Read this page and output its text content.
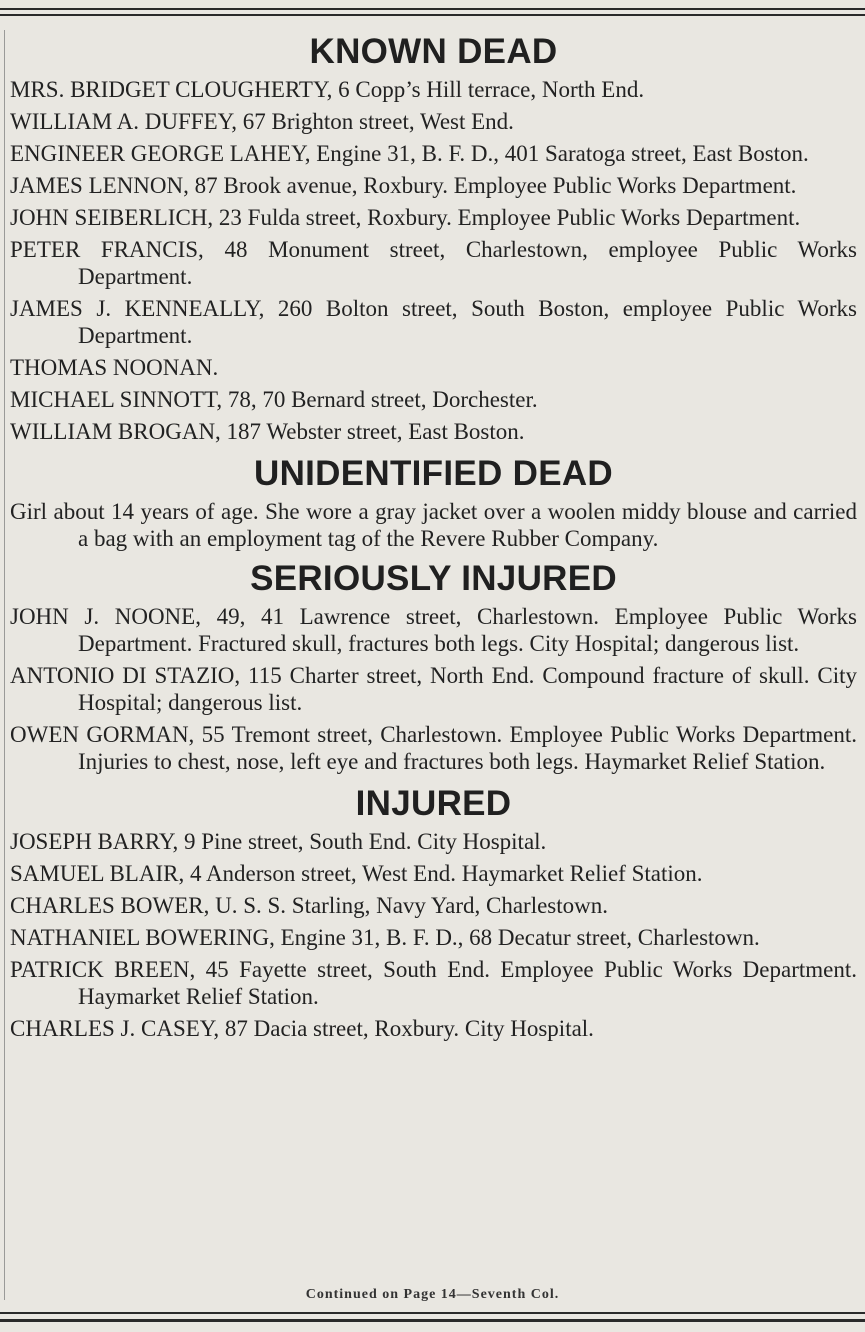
KNOWN DEAD

MRS. BRIDGET CLOUGHERTY, 6 Copp’s Hill terrace, North End.

WILLIAM A. DUFFEY, 67 Brighton street, West End.

ENGINEER GEORGE LAHEY, Engine 31, B. F. D., 401 Saratoga street, East Boston.

JAMES LENNON, 87 Brook avenue, Roxbury. Employee Public Works Department.

JOHN SEIBERLICH, 23 Fulda street, Roxbury. Employee Public Works Department.

PETER FRANCIS, 48 Monument street, Charlestown, employee Public Works Department.

JAMES J. KENNEALLY, 260 Bolton street, South Boston, employee Public Works Department.

THOMAS NOONAN.

MICHAEL SINNOTT, 78, 70 Bernard street, Dorchester.

WILLIAM BROGAN, 187 Webster street, East Boston.

UNIDENTIFIED DEAD

Girl about 14 years of age. She wore a gray jacket over a woolen middy blouse and carried a bag with an employment tag of the Revere Rubber Company.

SERIOUSLY INJURED

JOHN J. NOONE, 49, 41 Lawrence street, Charlestown. Employee Public Works Department. Fractured skull, fractures both legs. City Hospital; dangerous list.

ANTONIO DI STAZIO, 115 Charter street, North End. Compound fracture of skull. City Hospital; dangerous list.

OWEN GORMAN, 55 Tremont street, Charlestown. Employee Public Works Department. Injuries to chest, nose, left eye and fractures both legs. Haymarket Relief Station.

INJURED

JOSEPH BARRY, 9 Pine street, South End. City Hospital.

SAMUEL BLAIR, 4 Anderson street, West End. Haymarket Relief Station.

CHARLES BOWER, U. S. S. Starling, Navy Yard, Charlestown.

NATHANIEL BOWERING, Engine 31, B. F. D., 68 Decatur street, Charlestown.

PATRICK BREEN, 45 Fayette street, South End. Employee Public Works Department. Haymarket Relief Station.

CHARLES J. CASEY, 87 Dacia street, Roxbury. City Hospital.

Continued on Page 14—Seventh Col.
